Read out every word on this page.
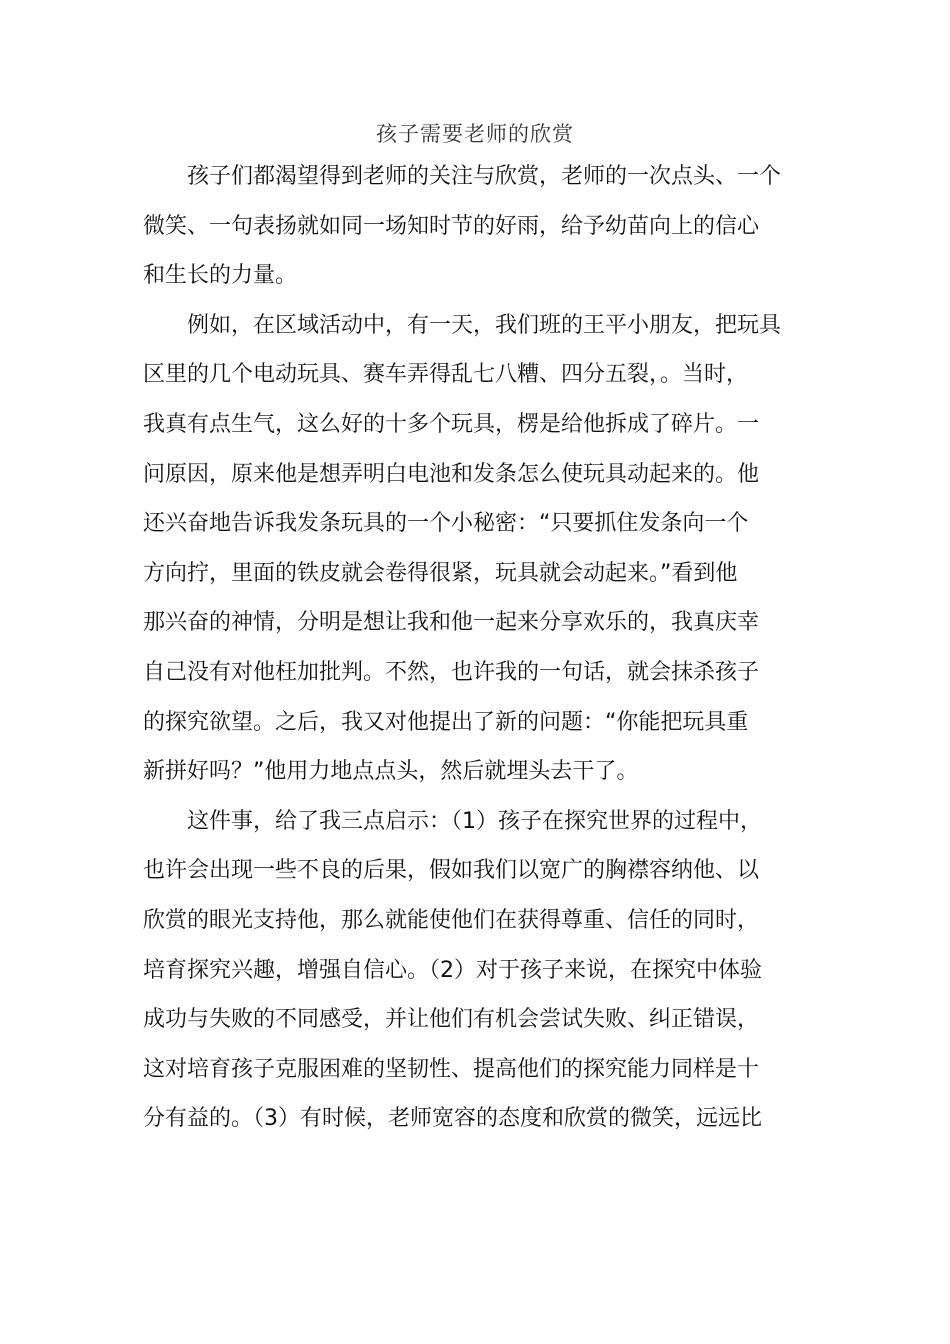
孩子需要老师的欣赏
孩子们都渴望得到老师的关注与欣赏，老师的一次点头、一个
微笑、一句表扬就如同一场知时节的好雨，给予幼苗向上的信心
和生长的力量。
例如，在区域活动中，有一天，我们班的王平小朋友，把玩具
区里的几个电动玩具、赛车弄得乱七八糟、四分五裂，。当时，
我真有点生气，这么好的十多个玩具，楞是给他拆成了碎片。一
问原因，原来他是想弄明白电池和发条怎么使玩具动起来的。他
还兴奋地告诉我发条玩具的一个小秘密：“只要抓住发条向一个
方向拧，里面的铁皮就会卷得很紧，玩具就会动起来。”看到他
那兴奋的神情，分明是想让我和他一起来分享欢乐的，我真庆幸
自己没有对他枉加批判。不然，也许我的一句话，就会抹杀孩子
的探究欲望。之后，我又对他提出了新的问题：“你能把玩具重
新拼好吗？”他用力地点点头，然后就埋头去干了。
这件事，给了我三点启示：（1）孩子在探究世界的过程中，
也许会出现一些不良的后果，假如我们以宽广的胸襟容纳他、以
欣赏的眼光支持他，那么就能使他们在获得尊重、信任的同时，
培育探究兴趣，增强自信心。（2）对于孩子来说，在探究中体验
成功与失败的不同感受，并让他们有机会尝试失败、纠正错误，
这对培育孩子克服困难的坚韧性、提高他们的探究能力同样是十
分有益的。（3）有时候，老师宽容的态度和欣赏的微笑，远远比
